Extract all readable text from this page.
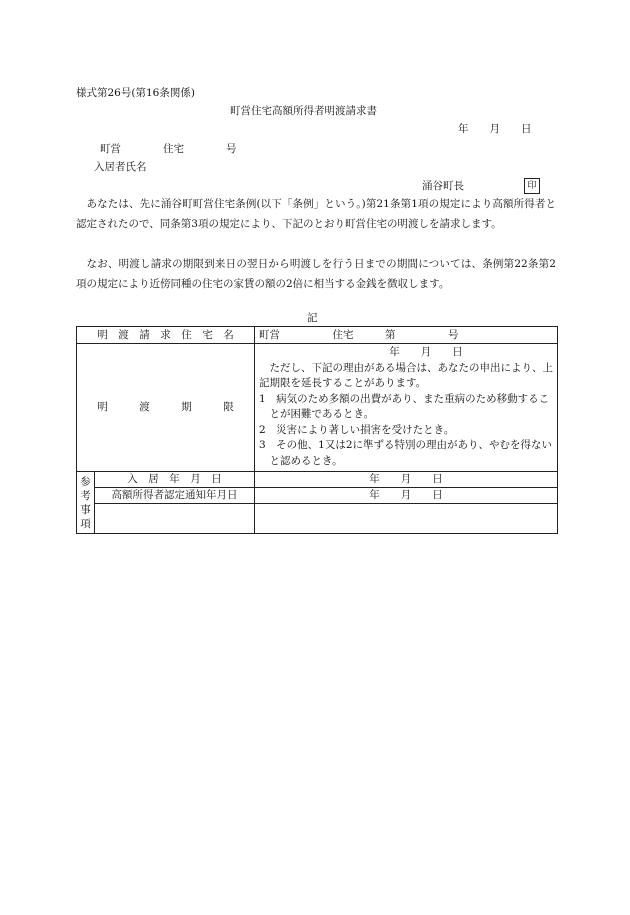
様式第26号(第16条関係)
町営住宅高額所得者明渡請求書
年　　月　　日
町営　　　　住宅　　　　号
入居者氏名
涌谷町長	印
あなたは、先に涌谷町町営住宅条例(以下「条例」という。)第21条第1項の規定により高額所得者と認定されたので、同条第3項の規定により、下記のとおり町営住宅の明渡しを請求します。
なお、明渡し請求の期限到来日の翌日から明渡しを行う日までの期間については、条例第22条第2項の規定により近傍同種の住宅の家賃の額の2倍に相当する金銭を徴収します。
記
明　渡　請　求　住　宅　名		町営　　　　　住宅　　　第　　　　　号
明　　　渡　　　期　　　限		年　　月　　日
ただし、下記の理由がある場合は、あなたの申出により、上記期限を延長することがあります。
1　病気のため多額の出費があり、また重病のため移動することが困難であるとき。
2　災害により著しい損害を受けたとき。
3　その他、1又は2に準ずる特別の理由があり、やむを得ないと認めるとき。

参
考
事
項	入　居　年　月　日	年　　月　　日
	高額所得者認定通知年月日	年　　月　　日
